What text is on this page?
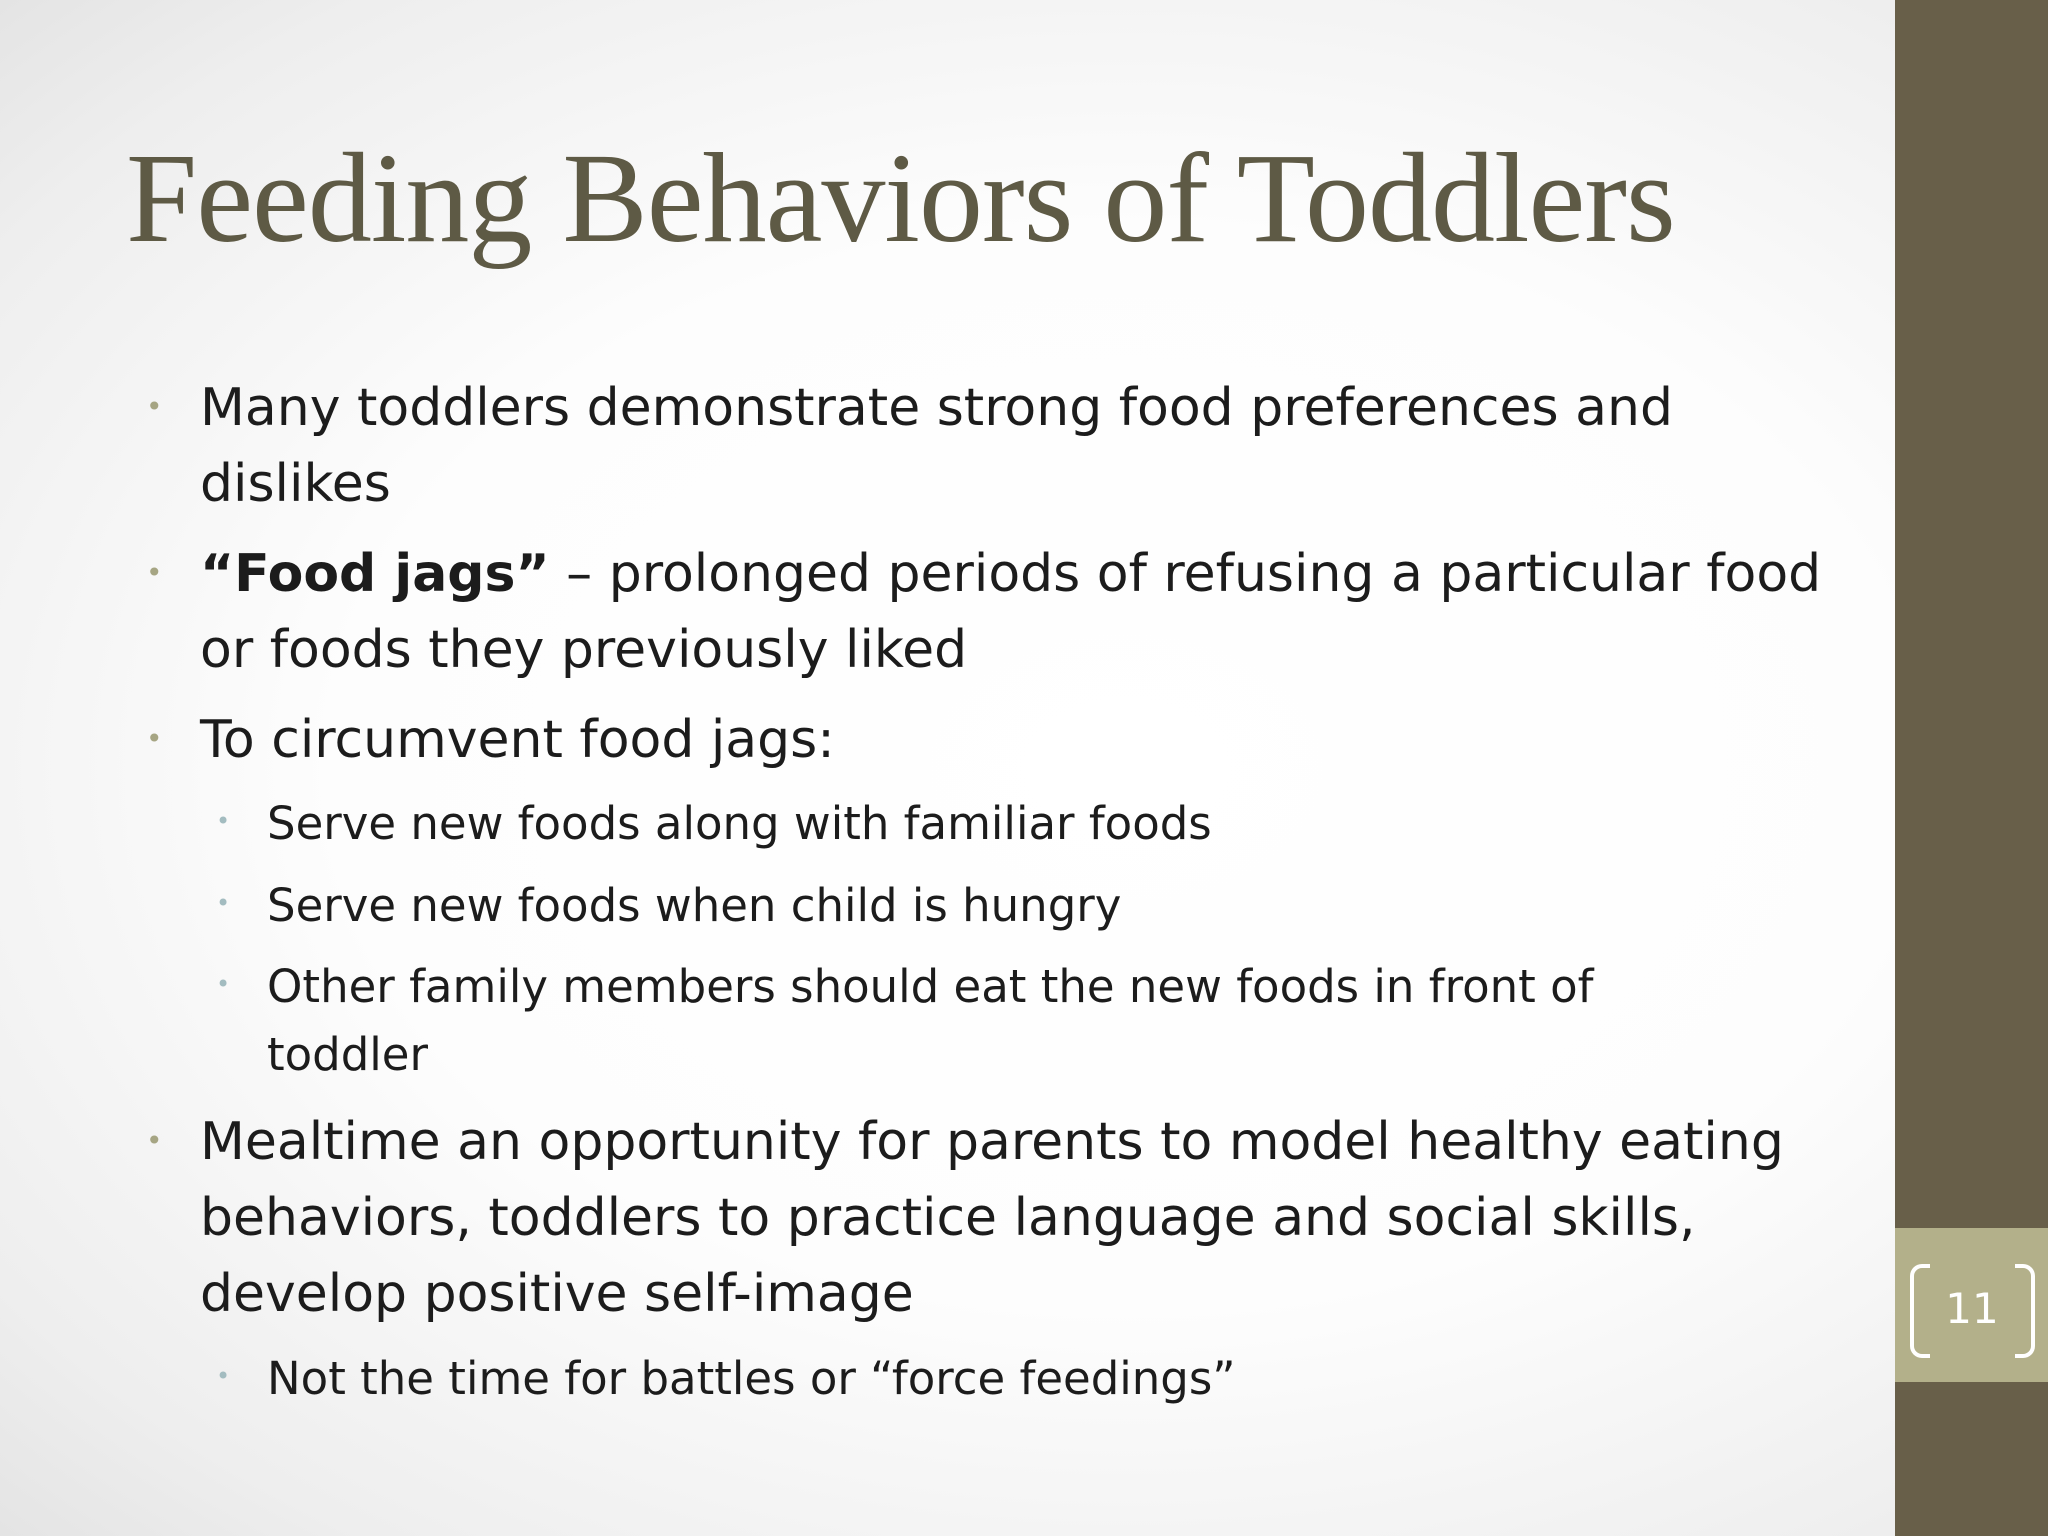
Feeding Behaviors of Toddlers
• Many toddlers demonstrate strong food preferences and dislikes
• “Food jags” – prolonged periods of refusing a particular food or foods they previously liked
• To circumvent food jags:
• Serve new foods along with familiar foods
• Serve new foods when child is hungry
• Other family members should eat the new foods in front of toddler
• Mealtime an opportunity for parents to model healthy eating behaviors, toddlers to practice language and social skills, develop positive self-image
• Not the time for battles or “force feedings”
11
